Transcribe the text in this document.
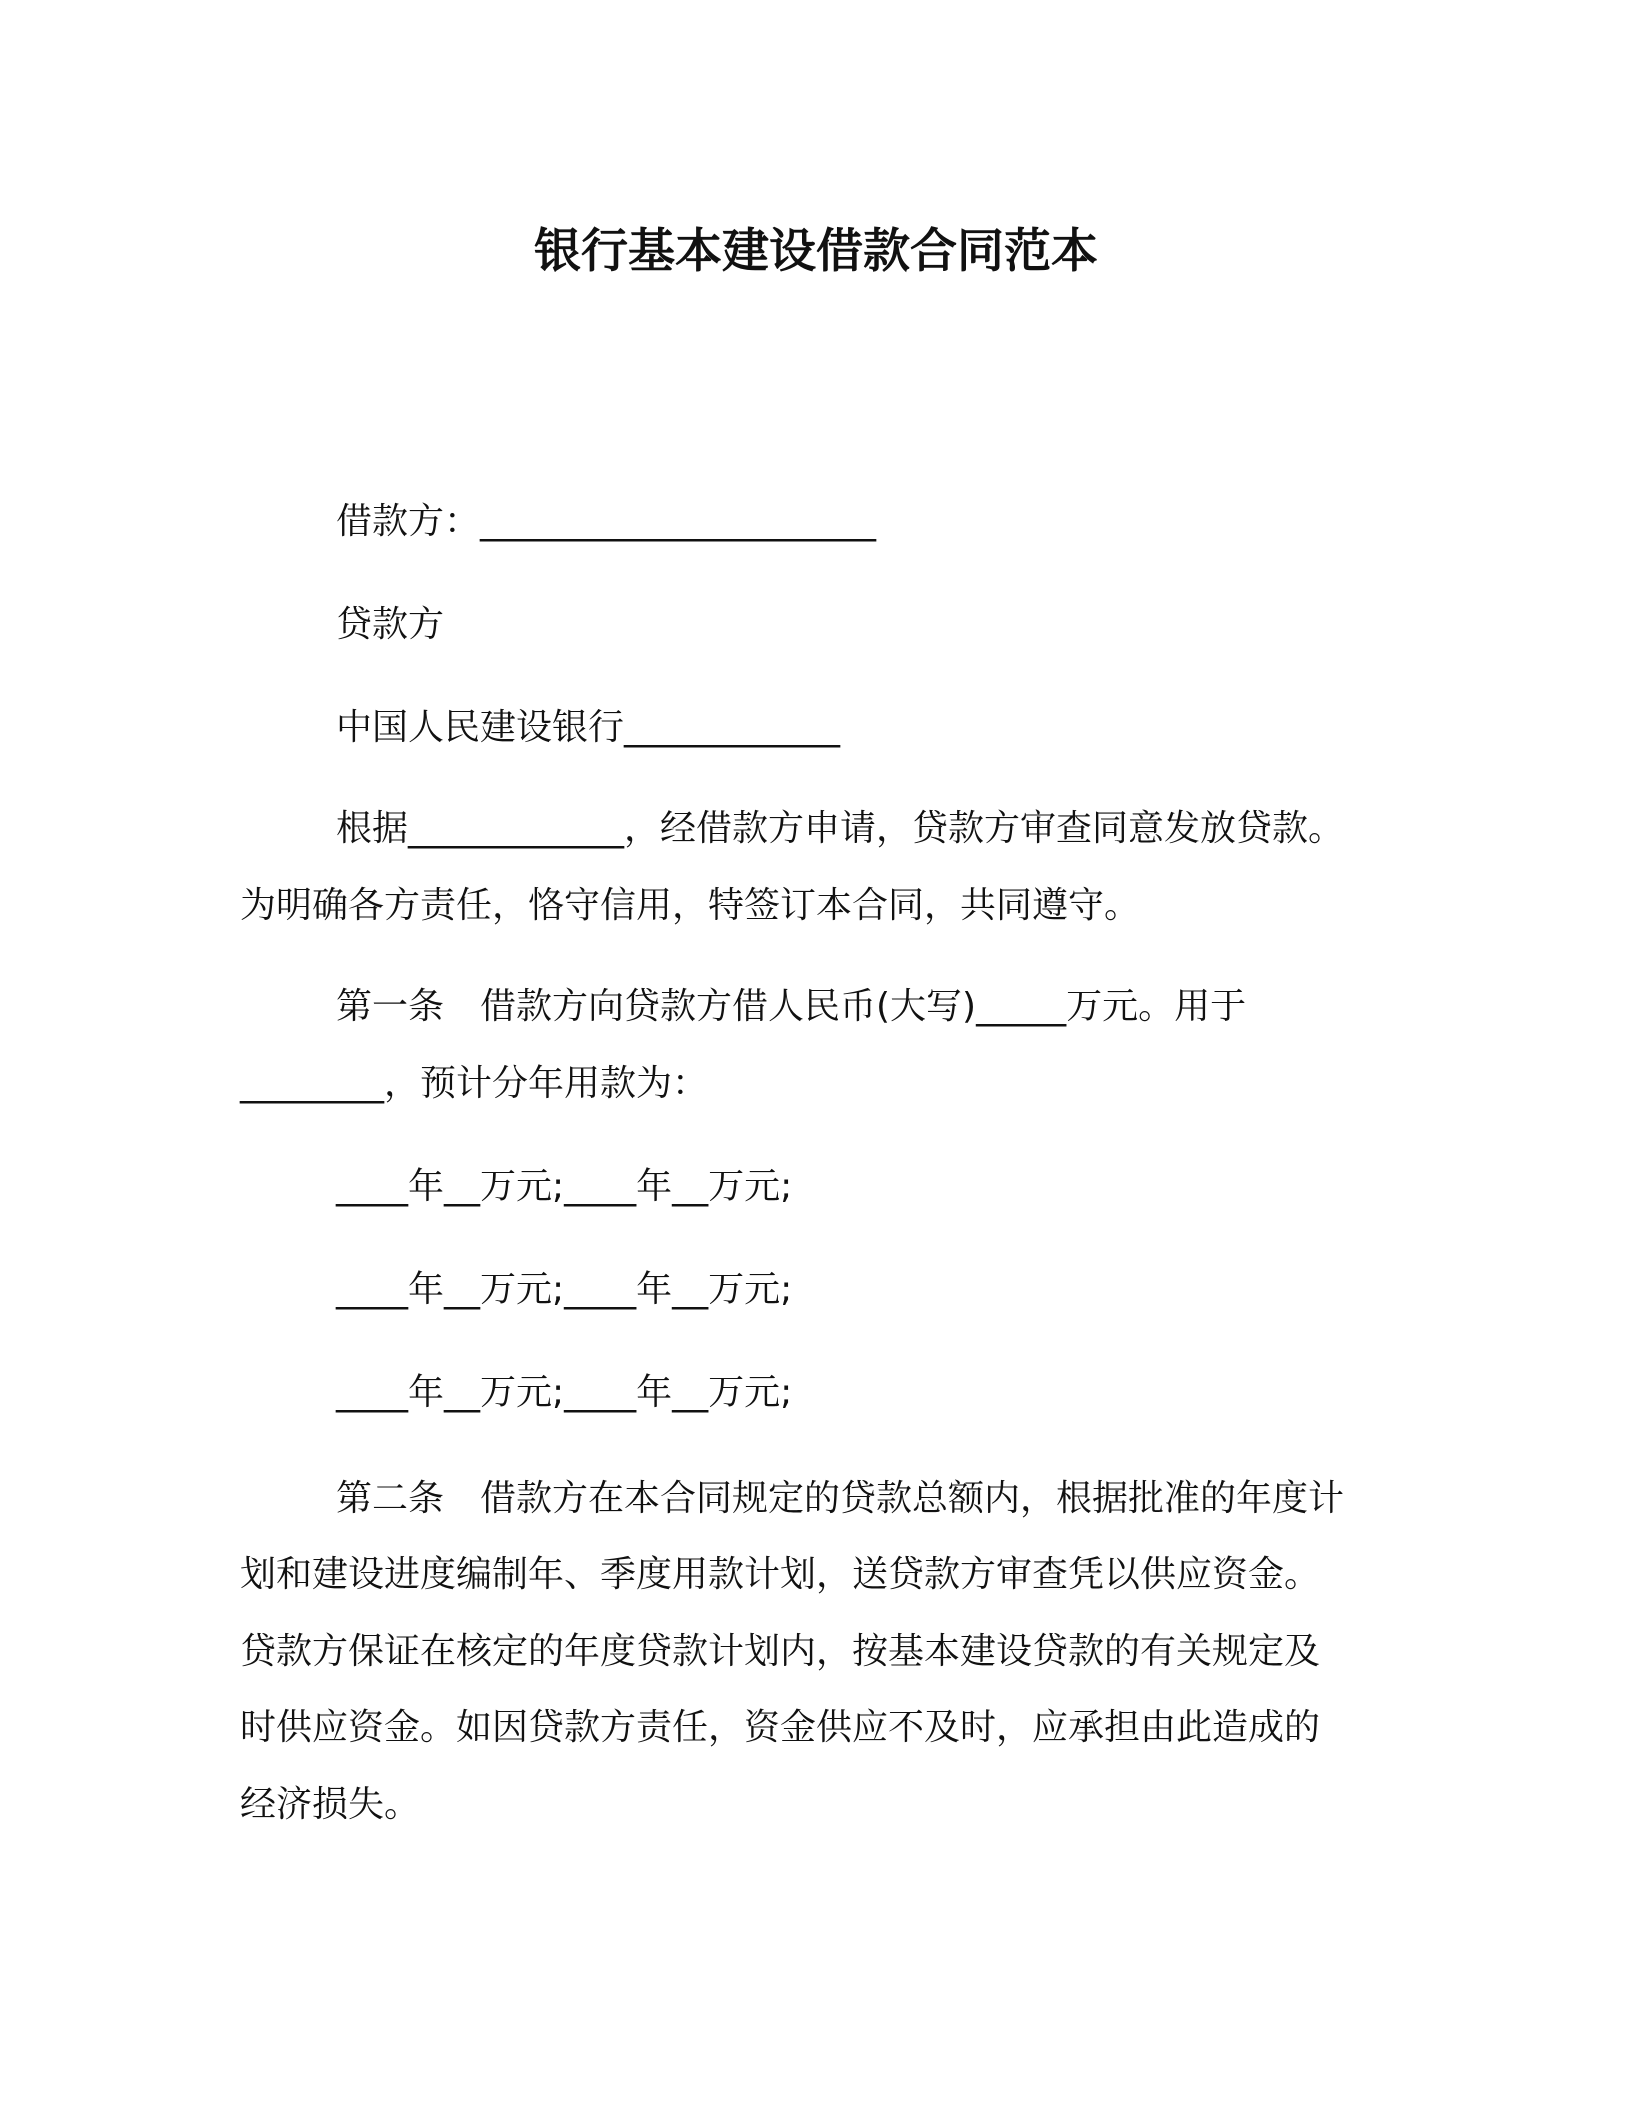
银行基本建设借款合同范本
借款方：______________________
贷款方
中国人民建设银行____________
根据____________，经借款方申请，贷款方审查同意发放贷款。
为明确各方责任，恪守信用，特签订本合同，共同遵守。
第一条　借款方向贷款方借人民币(大写)_____万元。用于
________，预计分年用款为：
____年__万元;____年__万元;
____年__万元;____年__万元;
____年__万元;____年__万元;
第二条　借款方在本合同规定的贷款总额内，根据批准的年度计
划和建设进度编制年、季度用款计划，送贷款方审查凭以供应资金。
贷款方保证在核定的年度贷款计划内，按基本建设贷款的有关规定及
时供应资金。如因贷款方责任，资金供应不及时，应承担由此造成的
经济损失。
